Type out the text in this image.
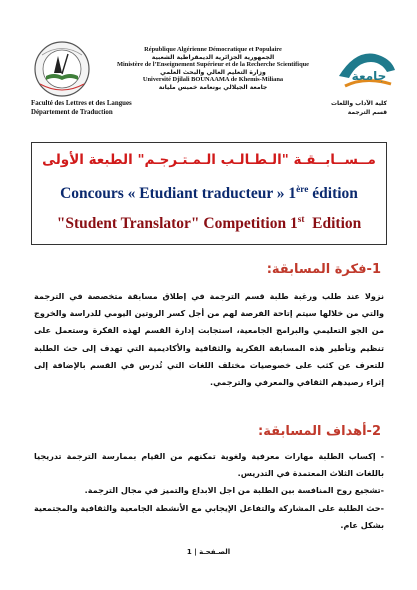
République Algérienne Démocratique et Populaire
الجمهورية الجزائرية الديمقراطية الشعبية
Ministère de l’Enseignement Supérieur et de la Recherche Scientifique
وزارة التعليم العالي والبحث العلمي
Université Djilali BOUNAAMA de Khemis-Miliana
جامعة الجيلالي بونعامة خميس مليانة
جامعة
Faculté des Lettres et des Langues
Département de Traduction
كلية الآداب واللغات
قسم الترجمة
مــســابــقـة "الـطـالـب الـمـتـرجـم" الطبعة الأولى
Concours « Etudiant traducteur » 1ère édition
"Student Translator" Competition 1st  Edition
1-فكرة المسابقة:

نزولا عند طلب ورغبة طلبة قسم الترجمة في إطلاق مسابقة متخصصة في الترجمة والتي من خلالها سيتم إتاحة الفرصة لهم من أجل كسر الروتين اليومي للدراسة والخروج من الجو التعليمي والبرامج الجامعية، استجابت إدارة القسم لهذه الفكرة وستعمل على تنظيم وتأطير هذه المسابقة الفكرية والثقافية والأكاديمية التي تهدف إلى حث الطلبة للتعرف عن كثب على خصوصيات مختلف اللغات التي تُدرس في القسم بالإضافة إلى إثراء رصيدهم الثقافي والمعرفي والترجمي.

2-أهداف المسابقة:

- إكساب الطلبة مهارات معرفية ولغوية تمكنهم من القيام بممارسة الترجمة تدريجيا باللغات الثلاث المعتمدة في التدريس.

-تشجيع روح المنافسة بين الطلبة من اجل الابداع والتميز في مجال الترجمة.

-حث الطلبة على المشاركة والتفاعل الإيجابي مع الأنشطة الجامعية والثقافية والمجتمعية بشكل عام.

الصـفحـة | 1
